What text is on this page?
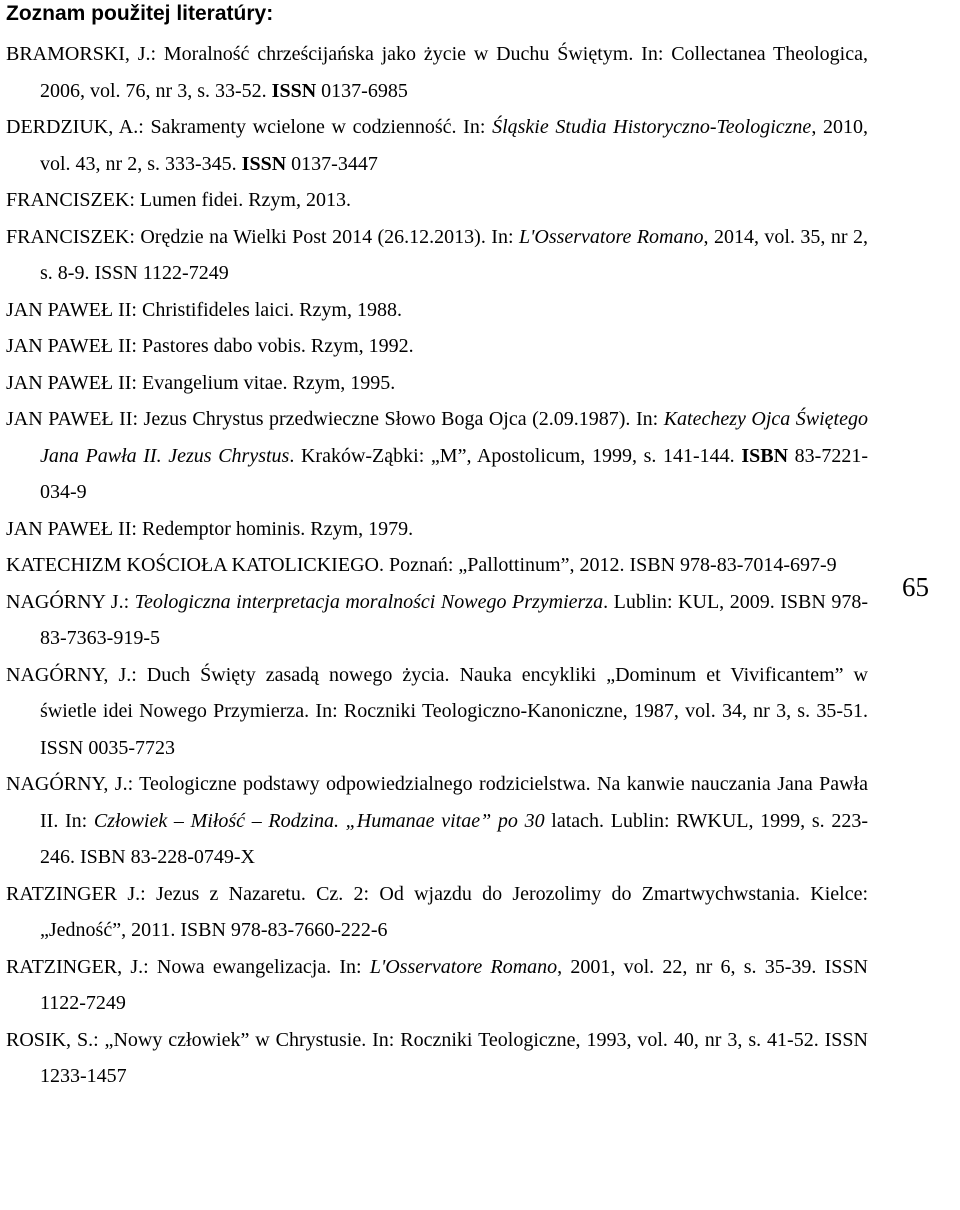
Zoznam použitej literatúry:
BRAMORSKI, J.: Moralność chrześcijańska jako życie w Duchu Świętym. In: Collectanea Theologica, 2006, vol. 76, nr 3, s. 33-52. ISSN 0137-6985
DERDZIUK, A.: Sakramenty wcielone w codzienność. In: Śląskie Studia Historyczno-Teologiczne, 2010, vol. 43, nr 2, s. 333-345. ISSN 0137-3447
FRANCISZEK: Lumen fidei. Rzym, 2013.
FRANCISZEK: Orędzie na Wielki Post 2014 (26.12.2013). In: L'Osservatore Romano, 2014, vol. 35, nr 2, s. 8-9. ISSN 1122-7249
JAN PAWEŁ II: Christifideles laici. Rzym, 1988.
JAN PAWEŁ II: Pastores dabo vobis. Rzym, 1992.
JAN PAWEŁ II: Evangelium vitae. Rzym, 1995.
JAN PAWEŁ II: Jezus Chrystus przedwieczne Słowo Boga Ojca (2.09.1987). In: Katechezy Ojca Świętego Jana Pawła II. Jezus Chrystus. Kraków-Ząbki: „M”, Apostolicum, 1999, s. 141-144. ISBN 83-7221-034-9
JAN PAWEŁ II: Redemptor hominis. Rzym, 1979.
KATECHIZM KOŚCIOŁA KATOLICKIEGO. Poznań: „Pallottinum”, 2012. ISBN 978-83-7014-697-9
NAGÓRNY J.: Teologiczna interpretacja moralności Nowego Przymierza. Lublin: KUL, 2009. ISBN 978-83-7363-919-5
NAGÓRNY, J.: Duch Święty zasadą nowego życia. Nauka encykliki „Dominum et Vivificantem” w świetle idei Nowego Przymierza. In: Roczniki Teologiczno-Kanoniczne, 1987, vol. 34, nr 3, s. 35-51. ISSN 0035-7723
NAGÓRNY, J.: Teologiczne podstawy odpowiedzialnego rodzicielstwa. Na kanwie nauczania Jana Pawła II. In: Człowiek – Miłość – Rodzina. „Humanae vitae” po 30 latach. Lublin: RWKUL, 1999, s. 223-246. ISBN 83-228-0749-X
RATZINGER J.: Jezus z Nazaretu. Cz. 2: Od wjazdu do Jerozolimy do Zmartwychwstania. Kielce: „Jedność”, 2011. ISBN 978-83-7660-222-6
RATZINGER, J.: Nowa ewangelizacja. In: L'Osservatore Romano, 2001, vol. 22, nr 6, s. 35-39. ISSN 1122-7249
ROSIK, S.: „Nowy człowiek” w Chrystusie. In: Roczniki Teologiczne, 1993, vol. 40, nr 3, s. 41-52. ISSN 1233-1457
65
